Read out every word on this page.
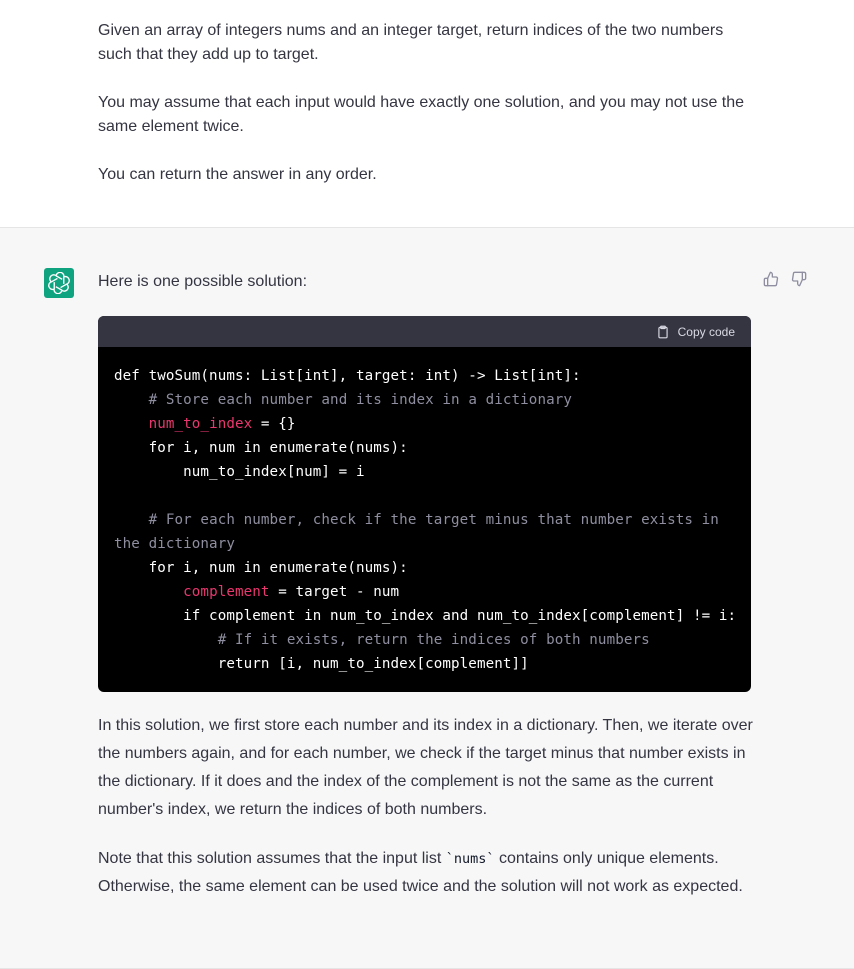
Given an array of integers nums and an integer target, return indices of the two numbers such that they add up to target.

You may assume that each input would have exactly one solution, and you may not use the same element twice.

You can return the answer in any order.

Here is one possible solution:

Copy code
def twoSum(nums: List[int], target: int) -> List[int]:
# Store each number and its index in a dictionary
num_to_index = {}
for i, num in enumerate(nums):
num_to_index[num] = i
# For each number, check if the target minus that number exists in
the dictionary
for i, num in enumerate(nums):
complement = target - num
if complement in num_to_index and num_to_index[complement] != i:
# If it exists, return the indices of both numbers
return [i, num_to_index[complement]]

In this solution, we first store each number and its index in a dictionary. Then, we iterate over the numbers again, and for each number, we check if the target minus that number exists in the dictionary. If it does and the index of the complement is not the same as the current number's index, we return the indices of both numbers.

Note that this solution assumes that the input list `nums` contains only unique elements. Otherwise, the same element can be used twice and the solution will not work as expected.
